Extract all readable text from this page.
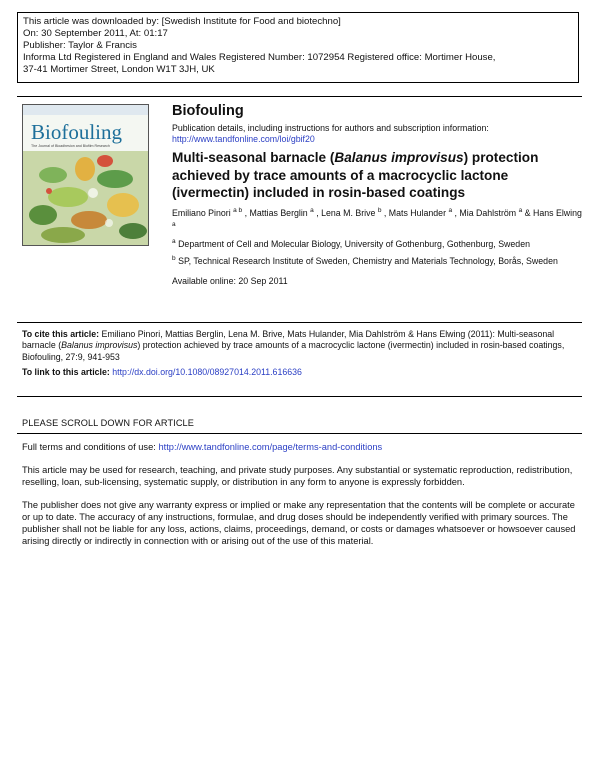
This article was downloaded by: [Swedish Institute for Food and biotechno]
On: 30 September 2011, At: 01:17
Publisher: Taylor & Francis
Informa Ltd Registered in England and Wales Registered Number: 1072954 Registered office: Mortimer House,
37-41 Mortimer Street, London W1T 3JH, UK
Biofouling
The Journal of Bioadhesion and Biofilm Research
Biofouling
Publication details, including instructions for authors and subscription information:
http://www.tandfonline.com/loi/gbif20
Multi-seasonal barnacle (Balanus improvisus) protection achieved by trace amounts of a macrocyclic lactone (ivermectin) included in rosin-based coatings
Emiliano Pinori $^{a b}$ , Mattias Berglin $^a$ , Lena M. Brive $^b$ , Mats Hulander $^a$ , Mia Dahlström $^a$ & Hans Elwing $^a$
$^a$ Department of Cell and Molecular Biology, University of Gothenburg, Gothenburg, Sweden
$^b$ SP, Technical Research Institute of Sweden, Chemistry and Materials Technology, Borås, Sweden
Available online: 20 Sep 2011
To cite this article: Emiliano Pinori, Mattias Berglin, Lena M. Brive, Mats Hulander, Mia Dahlström & Hans Elwing (2011): Multi-seasonal barnacle (Balanus improvisus) protection achieved by trace amounts of a macrocyclic lactone (ivermectin) included in rosin-based coatings, Biofouling, 27:9, 941-953
To link to this article: http://dx.doi.org/10.1080/08927014.2011.616636
PLEASE SCROLL DOWN FOR ARTICLE

Full terms and conditions of use: http://www.tandfonline.com/page/terms-and-conditions

This article may be used for research, teaching, and private study purposes. Any substantial or systematic reproduction, redistribution, reselling, loan, sub-licensing, systematic supply, or distribution in any form to anyone is expressly forbidden.

The publisher does not give any warranty express or implied or make any representation that the contents will be complete or accurate or up to date. The accuracy of any instructions, formulae, and drug doses should be independently verified with primary sources. The publisher shall not be liable for any loss, actions, claims, proceedings, demand, or costs or damages whatsoever or howsoever caused arising directly or indirectly in connection with or arising out of the use of this material.
